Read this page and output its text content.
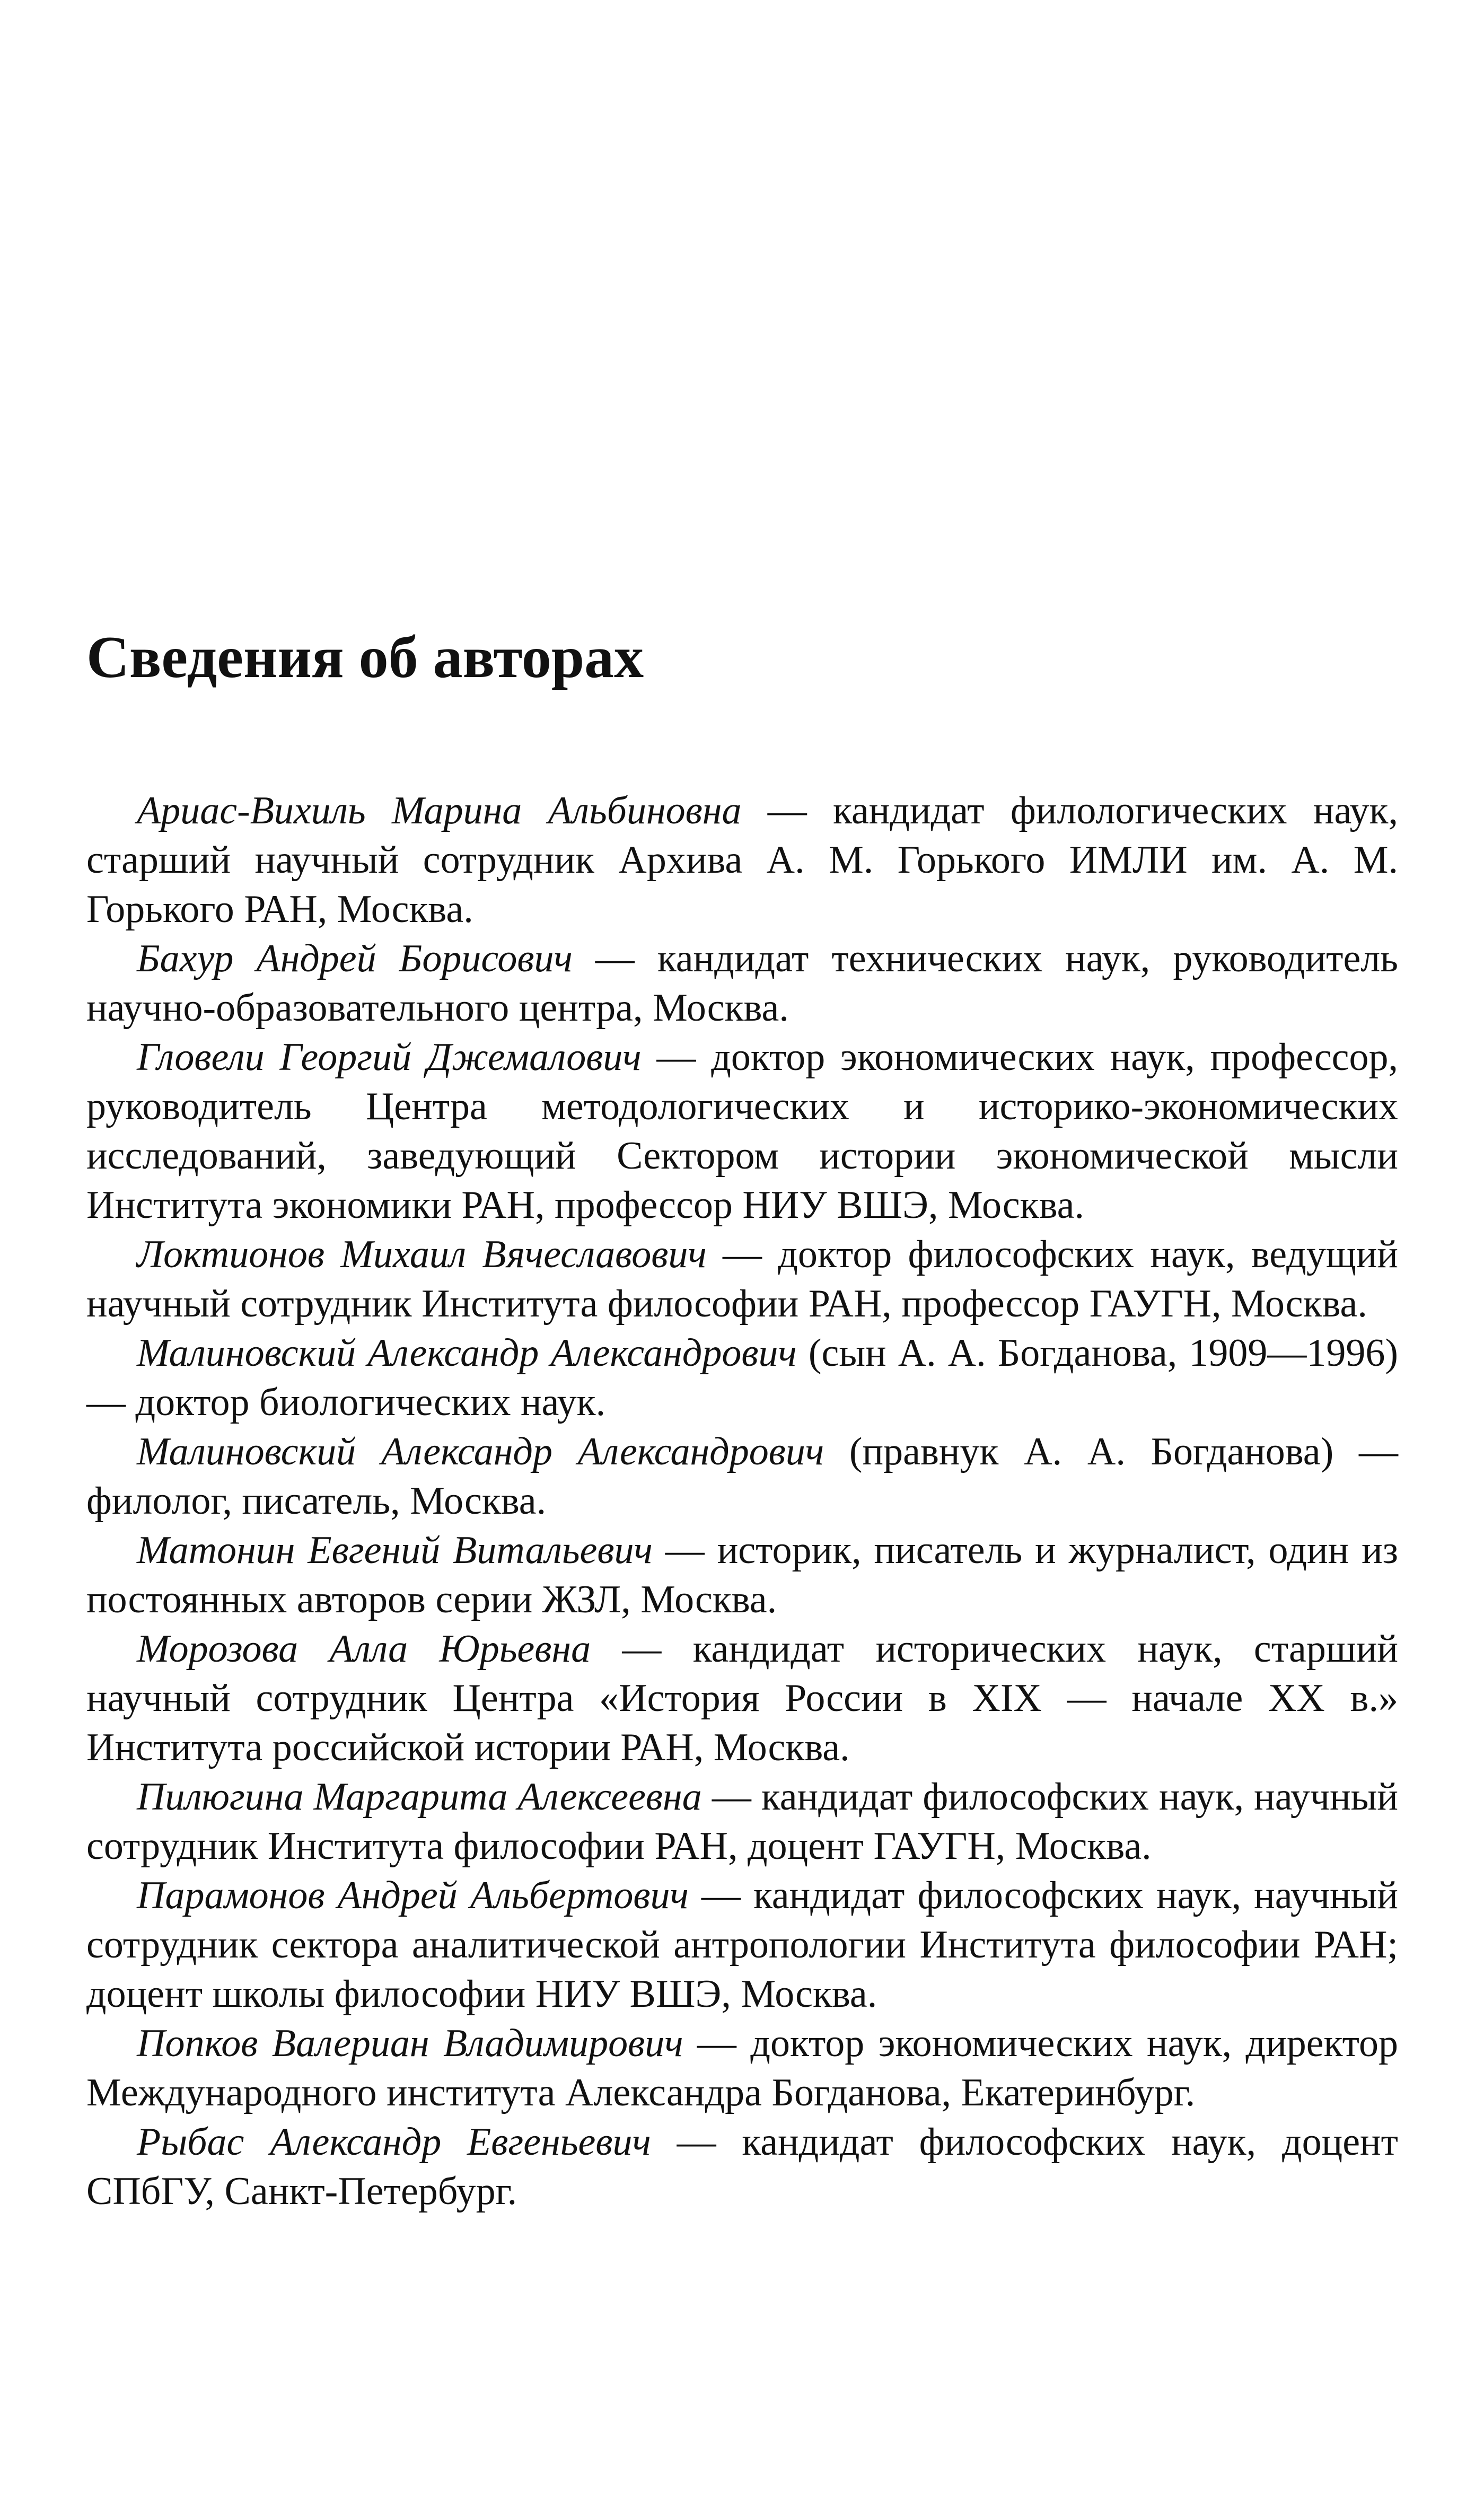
Сведения об авторах
Ариас-Вихиль Марина Альбиновна — кандидат филологических наук, старший научный сотрудник Архива А. М. Горького ИМЛИ им. А. М. Горького РАН, Москва.
Бахур Андрей Борисович — кандидат технических наук, руководитель научно-образовательного центра, Москва.
Гловели Георгий Джемалович — доктор экономических наук, профессор, руководитель Центра методологических и историко-экономических исследований, заведующий Сектором истории экономической мысли Института экономики РАН, профессор НИУ ВШЭ, Москва.
Локтионов Михаил Вячеславович — доктор философских наук, ведущий научный сотрудник Института философии РАН, профессор ГАУГН, Москва.
Малиновский Александр Александрович (сын А. А. Богданова, 1909—1996) — доктор биологических наук.
Малиновский Александр Александрович (правнук А. А. Богданова) — филолог, писатель, Москва.
Матонин Евгений Витальевич — историк, писатель и журналист, один из постоянных авторов серии ЖЗЛ, Москва.
Морозова Алла Юрьевна — кандидат исторических наук, старший научный сотрудник Центра «История России в XIX — начале XX в.» Института российской истории РАН, Москва.
Пилюгина Маргарита Алексеевна — кандидат философских наук, научный сотрудник Института философии РАН, доцент ГАУГН, Москва.
Парамонов Андрей Альбертович — кандидат философских наук, научный сотрудник сектора аналитической антропологии Института философии РАН; доцент школы философии НИУ ВШЭ, Москва.
Попков Валериан Владимирович — доктор экономических наук, директор Международного института Александра Богданова, Екатеринбург.
Рыбас Александр Евгеньевич — кандидат философских наук, доцент СПбГУ, Санкт-Петербург.
